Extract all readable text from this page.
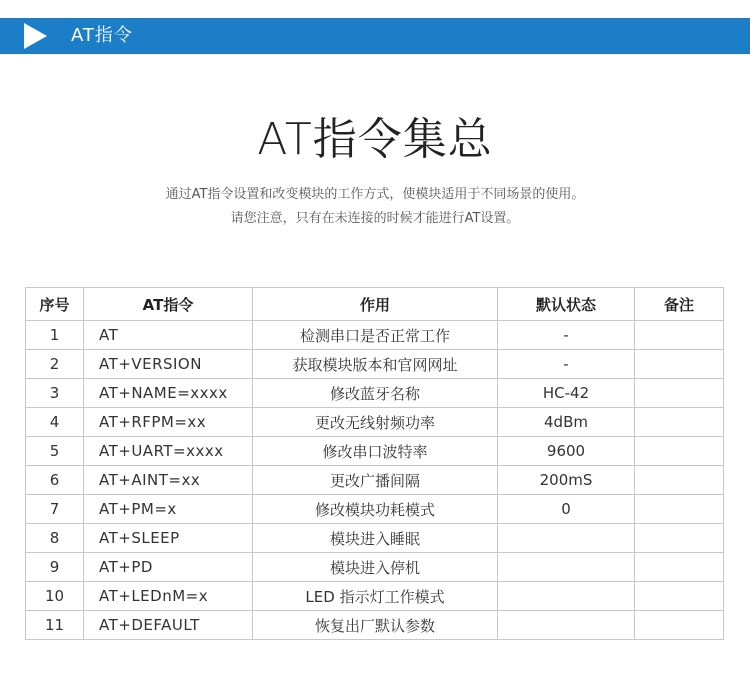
AT指令
AT指令集总
通过AT指令设置和改变模块的工作方式，使模块适用于不同场景的使用。
请您注意，只有在未连接的时候才能进行AT设置。
序号	AT指令	作用	默认状态	备注
1	AT	检测串口是否正常工作	-	
2	AT+VERSION	获取模块版本和官网网址	-	
3	AT+NAME=xxxx	修改蓝牙名称	HC-42	
4	AT+RFPM=xx	更改无线射频功率	4dBm	
5	AT+UART=xxxx	修改串口波特率	9600	
6	AT+AINT=xx	更改广播间隔	200mS	
7	AT+PM=x	修改模块功耗模式	0	
8	AT+SLEEP	模块进入睡眠		
9	AT+PD	模块进入停机		
10	AT+LEDnM=x	LED 指示灯工作模式		
11	AT+DEFAULT	恢复出厂默认参数		
